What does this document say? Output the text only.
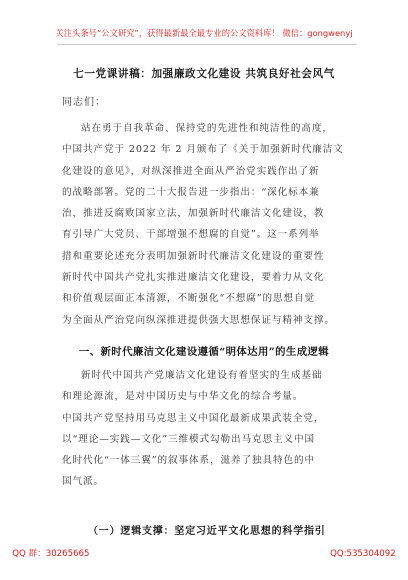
关注头条号“公文研究”，获得最新最全最专业的公文资料库！ 微信：gongwenyj
七一党课讲稿：加强廉政文化建设 共筑良好社会风气
同志们：

站在勇于自我革命、保持党的先进性和纯洁性的高度，
中国共产党于 2022 年 2 月颁布了《关于加强新时代廉洁文
化建设的意见》，对纵深推进全面从严治党实践作出了新
的战略部署。党的二十大报告进一步指出：“深化标本兼
治，推进反腐败国家立法，加强新时代廉洁文化建设，教
育引导广大党员、干部增强不想腐的自觉”。这一系列举
措和重要论述充分表明加强新时代廉洁文化建设的重要性
新时代中国共产党扎实推进廉洁文化建设，要着力从文化
和价值观层面正本清源，不断强化“不想腐”的思想自觉
为全面从严治党向纵深推进提供强大思想保证与精神支撑。

一、新时代廉洁文化建设遵循“明体达用”的生成逻辑

新时代中国共产党廉洁文化建设有着坚实的生成基础
和理论源流，是对中国历史与中华文化的综合考量。
中国共产党坚持用马克思主义中国化最新成果武装全党，
以“理论—实践—文化”三维模式勾勒出马克思主义中国
化时代化“一体三翼”的叙事体系，滋养了独具特色的中
国气派。

（一）逻辑支撑：坚定习近平文化思想的科学指引
QQ 群：30265665	QQ:535304092
